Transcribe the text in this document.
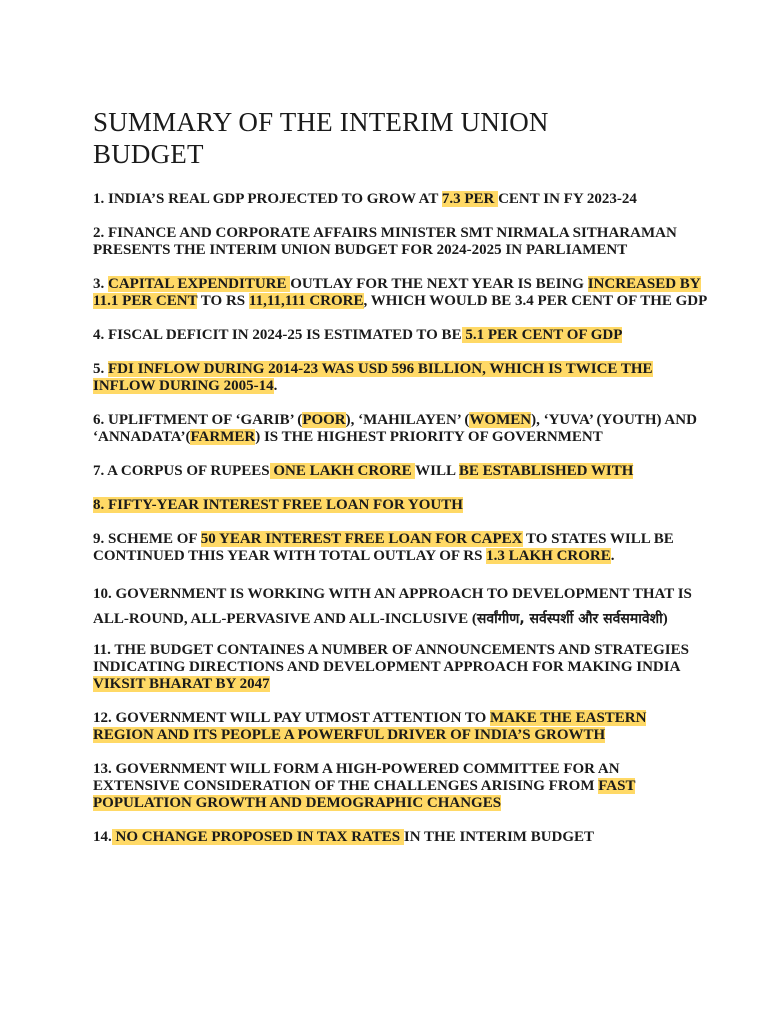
SUMMARY OF THE INTERIM UNION BUDGET

1. INDIA’S REAL GDP PROJECTED TO GROW AT 7.3 PER CENT IN FY 2023-24

2. FINANCE AND CORPORATE AFFAIRS MINISTER SMT NIRMALA SITHARAMAN PRESENTS THE INTERIM UNION BUDGET FOR 2024-2025 IN PARLIAMENT

3. CAPITAL EXPENDITURE OUTLAY FOR THE NEXT YEAR IS BEING INCREASED BY 11.1 PER CENT TO RS 11,11,111 CRORE, WHICH WOULD BE 3.4 PER CENT OF THE GDP

4. FISCAL DEFICIT IN 2024-25 IS ESTIMATED TO BE 5.1 PER CENT OF GDP

5. FDI INFLOW DURING 2014-23 WAS USD 596 BILLION, WHICH IS TWICE THE INFLOW DURING 2005-14.

6. UPLIFTMENT OF ‘GARIB’ (POOR), ‘MAHILAYEN’ (WOMEN), ‘YUVA’ (YOUTH) AND ‘ANNADATA’(FARMER) IS THE HIGHEST PRIORITY OF GOVERNMENT

7. A CORPUS OF RUPEES ONE LAKH CRORE WILL BE ESTABLISHED WITH

8. FIFTY-YEAR INTEREST FREE LOAN FOR YOUTH

9. SCHEME OF 50 YEAR INTEREST FREE LOAN FOR CAPEX TO STATES WILL BE CONTINUED THIS YEAR WITH TOTAL OUTLAY OF RS 1.3 LAKH CRORE.

10. GOVERNMENT IS WORKING WITH AN APPROACH TO DEVELOPMENT THAT IS ALL-ROUND, ALL-PERVASIVE AND ALL-INCLUSIVE (सर्वांगीण, सर्वस्पर्शी और सर्वसमावेशी)

11. THE BUDGET CONTAINES A NUMBER OF ANNOUNCEMENTS AND STRATEGIES INDICATING DIRECTIONS AND DEVELOPMENT APPROACH FOR MAKING INDIA VIKSIT BHARAT BY 2047

12. GOVERNMENT WILL PAY UTMOST ATTENTION TO MAKE THE EASTERN REGION AND ITS PEOPLE A POWERFUL DRIVER OF INDIA’S GROWTH

13. GOVERNMENT WILL FORM A HIGH-POWERED COMMITTEE FOR AN EXTENSIVE CONSIDERATION OF THE CHALLENGES ARISING FROM FAST POPULATION GROWTH AND DEMOGRAPHIC CHANGES

14. NO CHANGE PROPOSED IN TAX RATES IN THE INTERIM BUDGET
